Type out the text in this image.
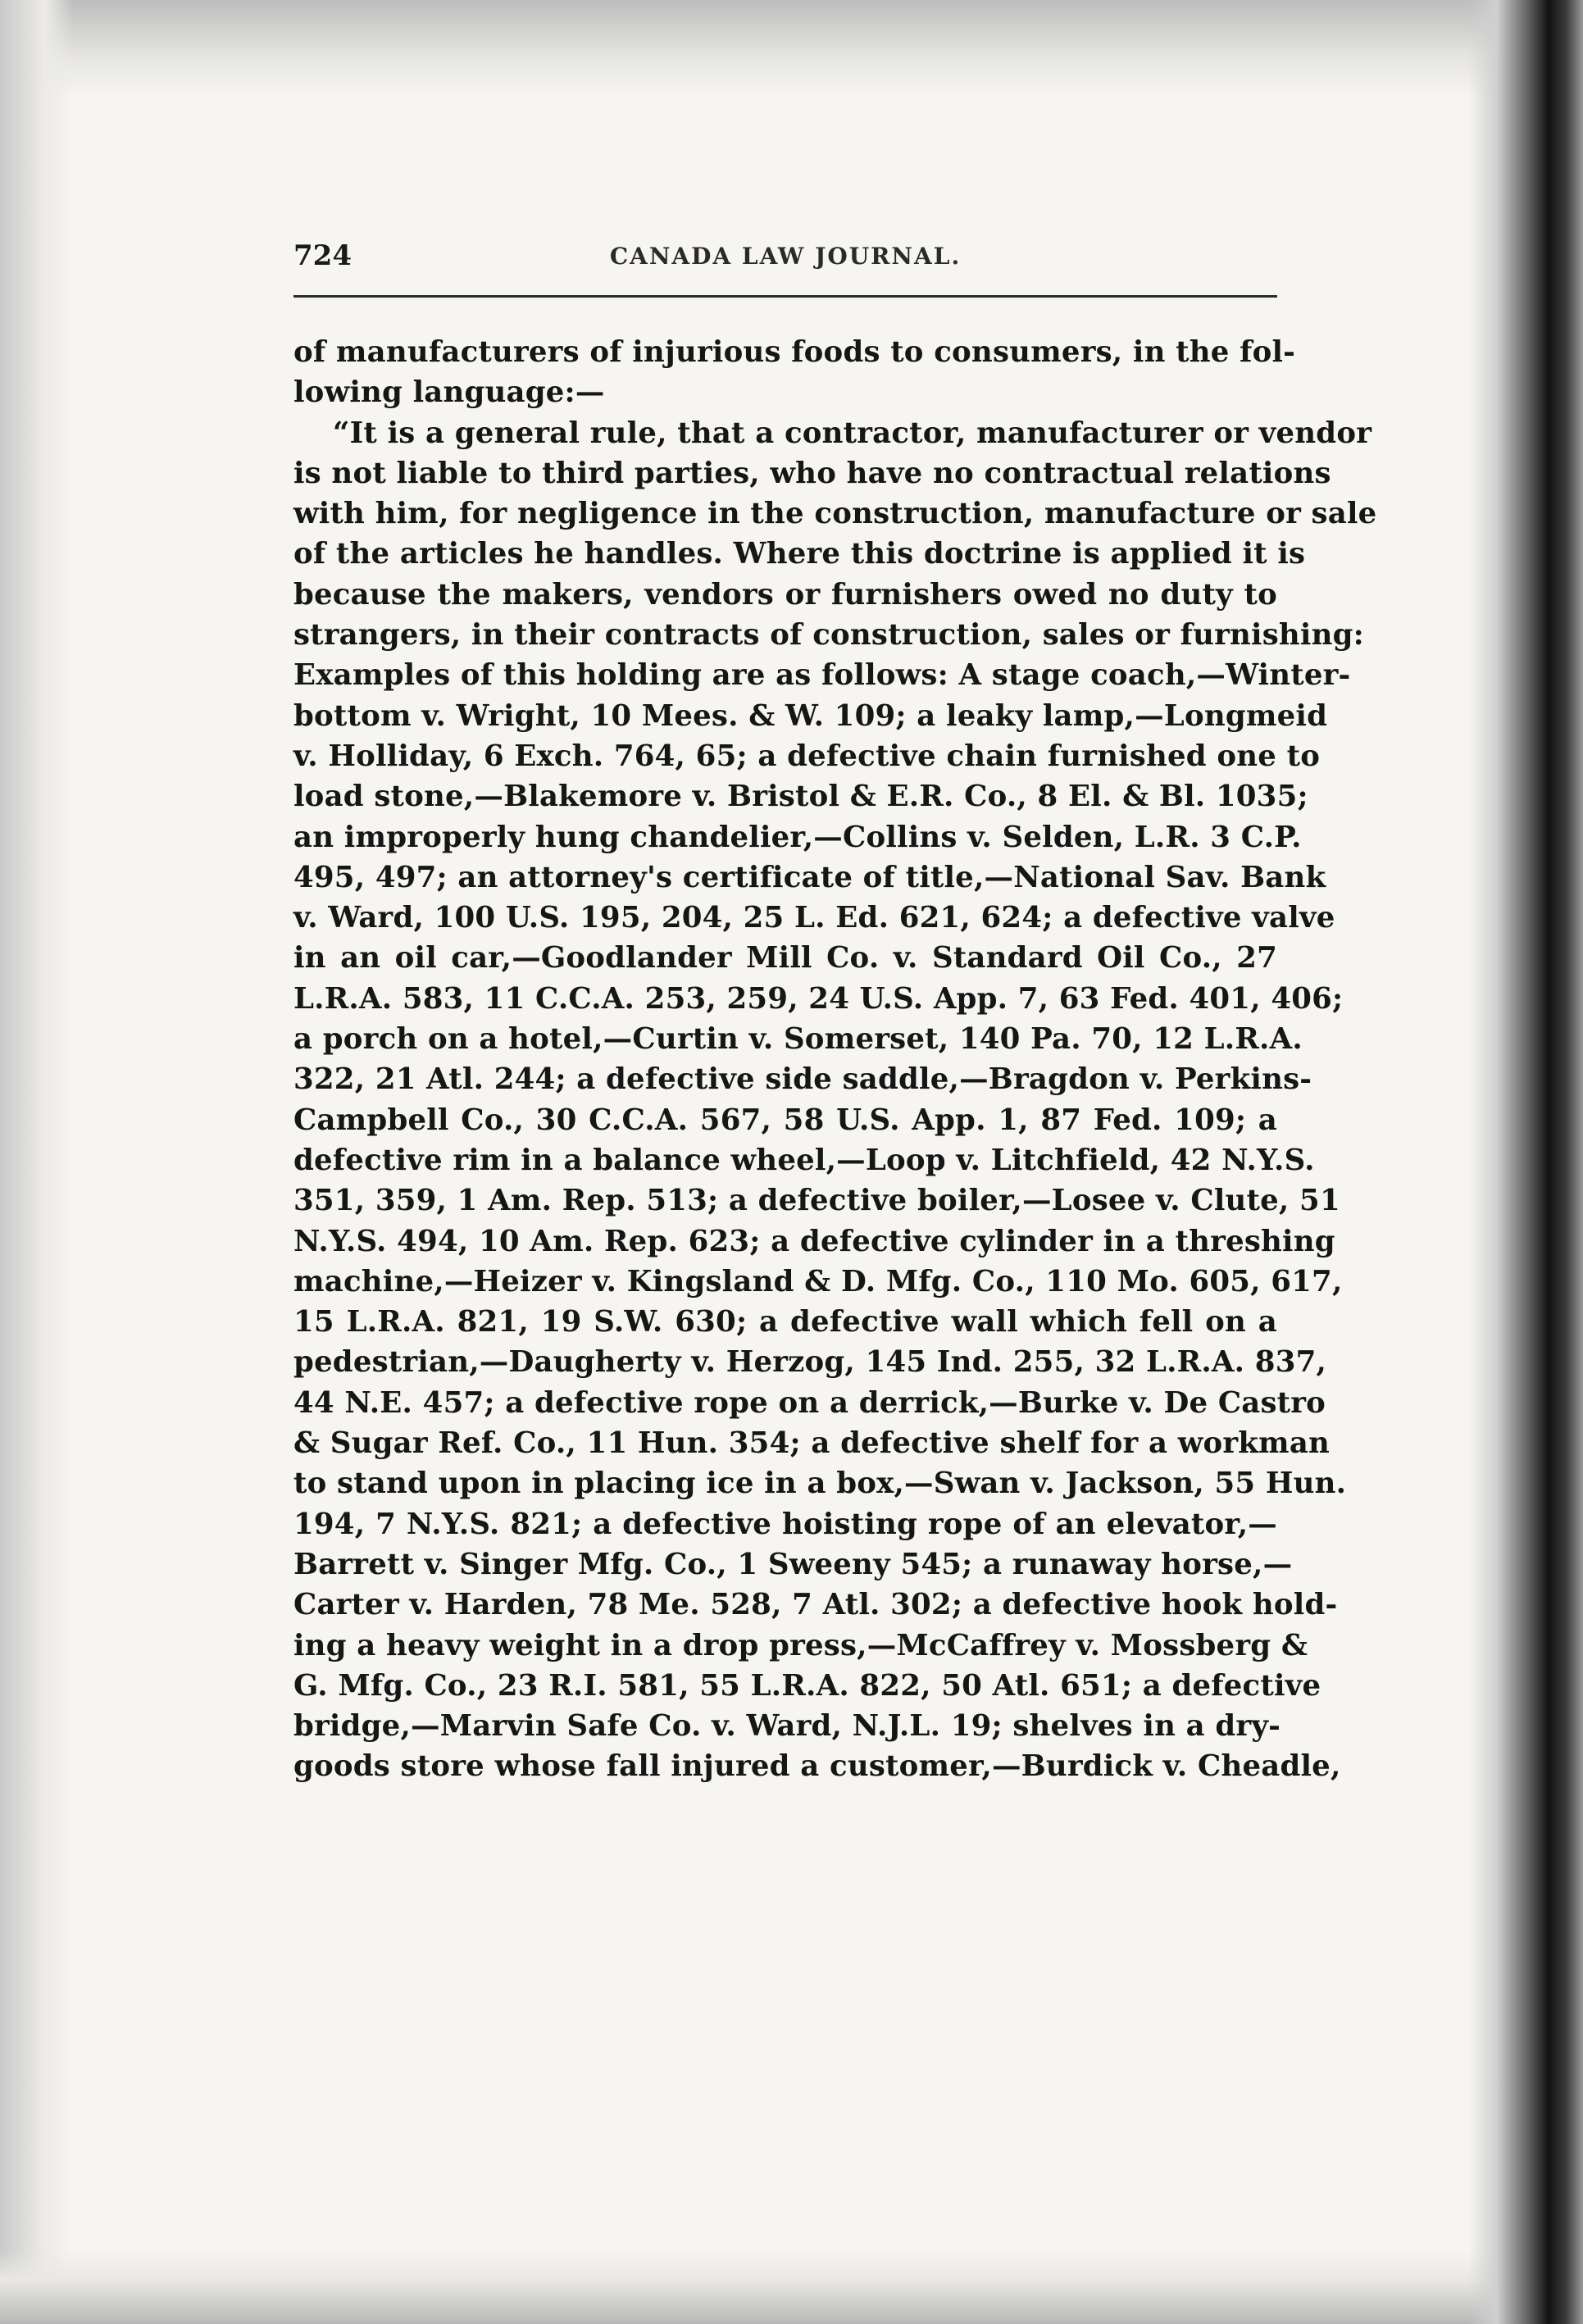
724	CANADA LAW JOURNAL.
of manufacturers of injurious foods to consumers, in the fol-
lowing language:—
“It is a general rule, that a contractor, manufacturer or vendor
is not liable to third parties, who have no contractual relations
with him, for negligence in the construction, manufacture or sale
of the articles he handles. Where this doctrine is applied it is
because the makers, vendors or furnishers owed no duty to
strangers, in their contracts of construction, sales or furnishing:
Examples of this holding are as follows: A stage coach,—Winter-
bottom v. Wright, 10 Mees. & W. 109; a leaky lamp,—Longmeid
v. Holliday, 6 Exch. 764, 65; a defective chain furnished one to
load stone,—Blakemore v. Bristol & E.R. Co., 8 El. & Bl. 1035;
an improperly hung chandelier,—Collins v. Selden, L.R. 3 C.P.
495, 497; an attorney's certificate of title,—National Sav. Bank
v. Ward, 100 U.S. 195, 204, 25 L. Ed. 621, 624; a defective valve
in an oil car,—Goodlander Mill Co. v. Standard Oil Co., 27
L.R.A. 583, 11 C.C.A. 253, 259, 24 U.S. App. 7, 63 Fed. 401, 406;
a porch on a hotel,—Curtin v. Somerset, 140 Pa. 70, 12 L.R.A.
322, 21 Atl. 244; a defective side saddle,—Bragdon v. Perkins-
Campbell Co., 30 C.C.A. 567, 58 U.S. App. 1, 87 Fed. 109; a
defective rim in a balance wheel,—Loop v. Litchfield, 42 N.Y.S.
351, 359, 1 Am. Rep. 513; a defective boiler,—Losee v. Clute, 51
N.Y.S. 494, 10 Am. Rep. 623; a defective cylinder in a threshing
machine,—Heizer v. Kingsland & D. Mfg. Co., 110 Mo. 605, 617,
15 L.R.A. 821, 19 S.W. 630; a defective wall which fell on a
pedestrian,—Daugherty v. Herzog, 145 Ind. 255, 32 L.R.A. 837,
44 N.E. 457; a defective rope on a derrick,—Burke v. De Castro
& Sugar Ref. Co., 11 Hun. 354; a defective shelf for a workman
to stand upon in placing ice in a box,—Swan v. Jackson, 55 Hun.
194, 7 N.Y.S. 821; a defective hoisting rope of an elevator,—
Barrett v. Singer Mfg. Co., 1 Sweeny 545; a runaway horse,—
Carter v. Harden, 78 Me. 528, 7 Atl. 302; a defective hook hold-
ing a heavy weight in a drop press,—McCaffrey v. Mossberg &
G. Mfg. Co., 23 R.I. 581, 55 L.R.A. 822, 50 Atl. 651; a defective
bridge,—Marvin Safe Co. v. Ward, N.J.L. 19; shelves in a dry-
goods store whose fall injured a customer,—Burdick v. Cheadle,
